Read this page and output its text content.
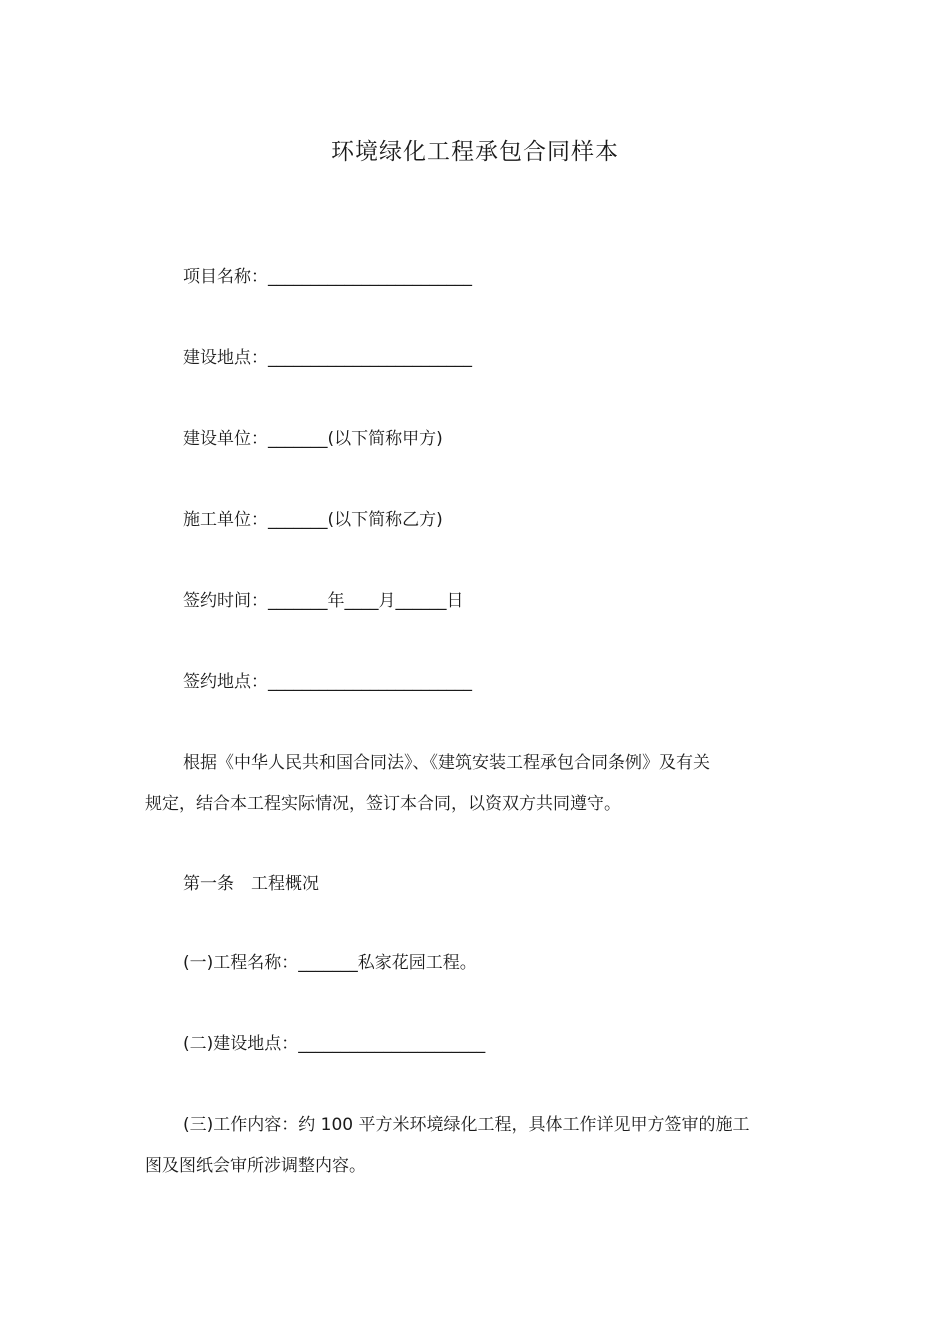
环境绿化工程承包合同样本
项目名称：________________________
建设地点：________________________
建设单位：_______(以下简称甲方)
施工单位：_______(以下简称乙方)
签约时间：_______年____月______日
签约地点：________________________
根据《中华人民共和国合同法》、《建筑安装工程承包合同条例》及有关
规定，结合本工程实际情况，签订本合同，以资双方共同遵守。
第一条　工程概况
(一)工程名称：_______私家花园工程。
(二)建设地点：______________________
(三)工作内容：约 100 平方米环境绿化工程，具体工作详见甲方签审的施工
图及图纸会审所涉调整内容。
